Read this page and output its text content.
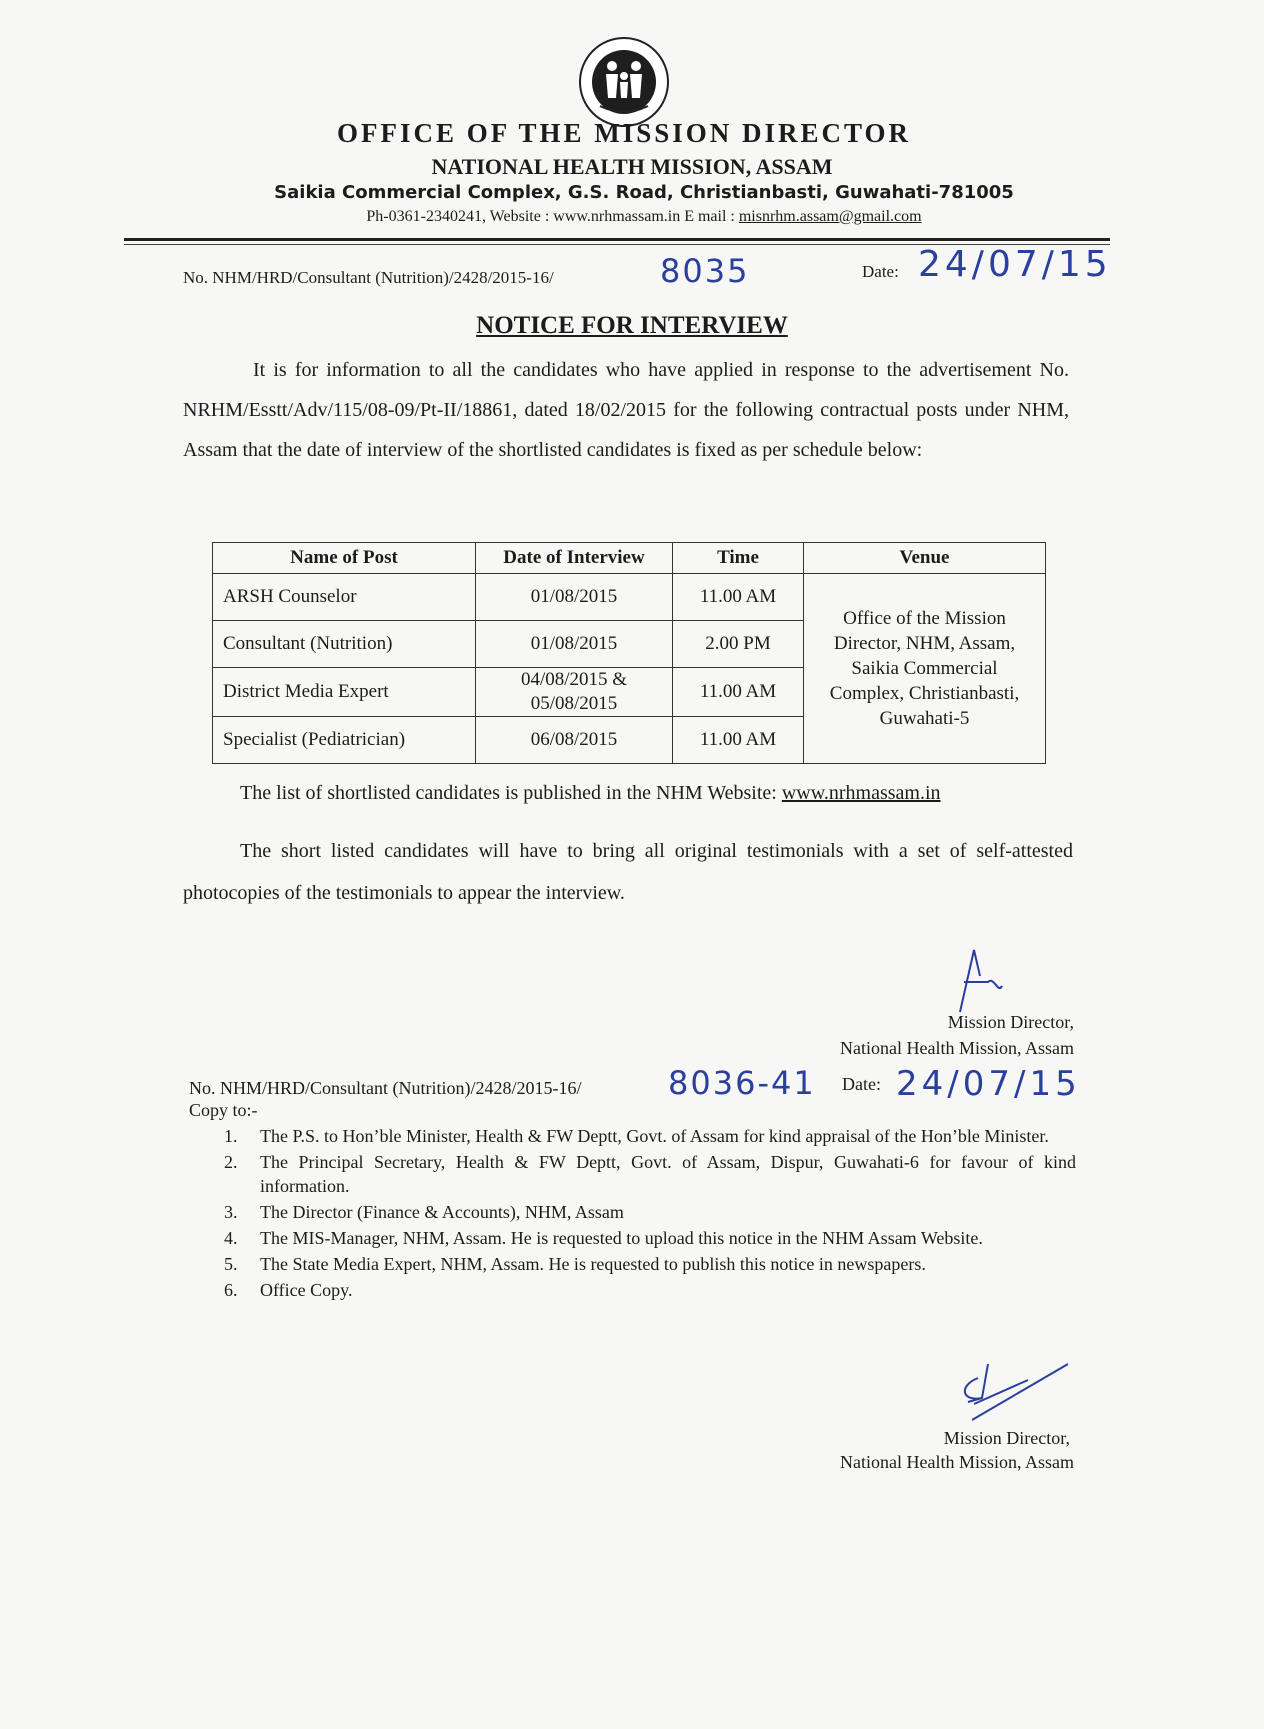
OFFICE OF THE MISSION DIRECTOR
NATIONAL HEALTH MISSION, ASSAM
Saikia Commercial Complex, G.S. Road, Christianbasti, Guwahati-781005
Ph-0361-2340241, Website : www.nrhmassam.in E mail : misnrhm.assam@gmail.com
No. NHM/HRD/Consultant (Nutrition)/2428/2015-16/	8035	Date: 24/07/15
NOTICE FOR INTERVIEW
It is for information to all the candidates who have applied in response to the advertisement No. NRHM/Esstt/Adv/115/08-09/Pt-II/18861, dated 18/02/2015 for the following contractual posts under NHM, Assam that the date of interview of the shortlisted candidates is fixed as per schedule below:
Name of Post	Date of Interview	Time	Venue
ARSH Counselor	01/08/2015	11.00 AM	Office of the Mission Director, NHM, Assam, Saikia Commercial Complex, Christianbasti, Guwahati-5
Consultant (Nutrition)	01/08/2015	2.00 PM	
District Media Expert	04/08/2015 & 05/08/2015	11.00 AM	
Specialist (Pediatrician)	06/08/2015	11.00 AM	
The list of shortlisted candidates is published in the NHM Website: www.nrhmassam.in
The short listed candidates will have to bring all original testimonials with a set of self-attested photocopies of the testimonials to appear the interview.
Mission Director,
National Health Mission, Assam
No. NHM/HRD/Consultant (Nutrition)/2428/2015-16/	8036-41 Date: 24/07/15
Copy to:-
1. The P.S. to Hon’ble Minister, Health & FW Deptt, Govt. of Assam for kind appraisal of the Hon’ble Minister.
2. The Principal Secretary, Health & FW Deptt, Govt. of Assam, Dispur, Guwahati-6 for favour of kind information.
3. The Director (Finance & Accounts), NHM, Assam
4. The MIS-Manager, NHM, Assam. He is requested to upload this notice in the NHM Assam Website.
5. The State Media Expert, NHM, Assam. He is requested to publish this notice in newspapers.
6. Office Copy.
Mission Director,
National Health Mission, Assam
